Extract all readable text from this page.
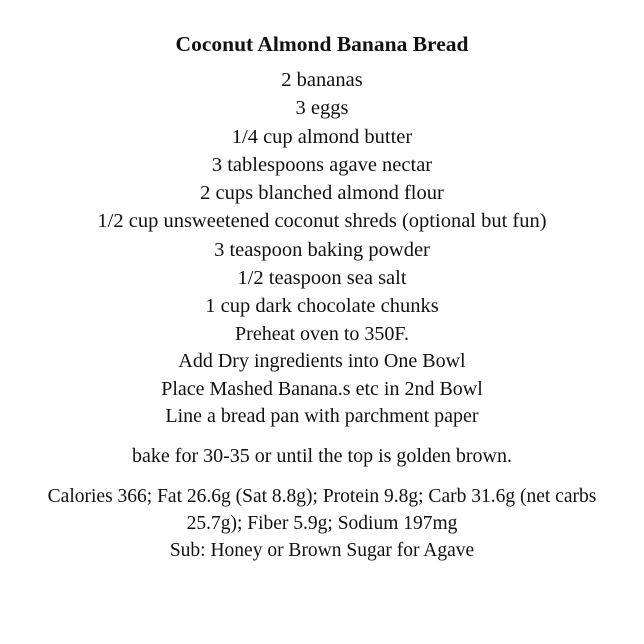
Coconut Almond Banana Bread
2 bananas
3 eggs
1/4 cup almond butter
3 tablespoons agave nectar
2 cups blanched almond flour
1/2 cup unsweetened coconut shreds (optional but fun)
3 teaspoon baking powder
1/2 teaspoon sea salt
1 cup dark chocolate chunks
Preheat oven to 350F.
Add Dry ingredients into One Bowl
Place Mashed Banana.s etc in 2nd Bowl
Line a bread pan with parchment paper

bake for 30-35 or until the top is golden brown.

Calories 366; Fat 26.6g (Sat 8.8g); Protein 9.8g; Carb 31.6g (net carbs 25.7g); Fiber 5.9g; Sodium 197mg

Sub: Honey or Brown Sugar for Agave
